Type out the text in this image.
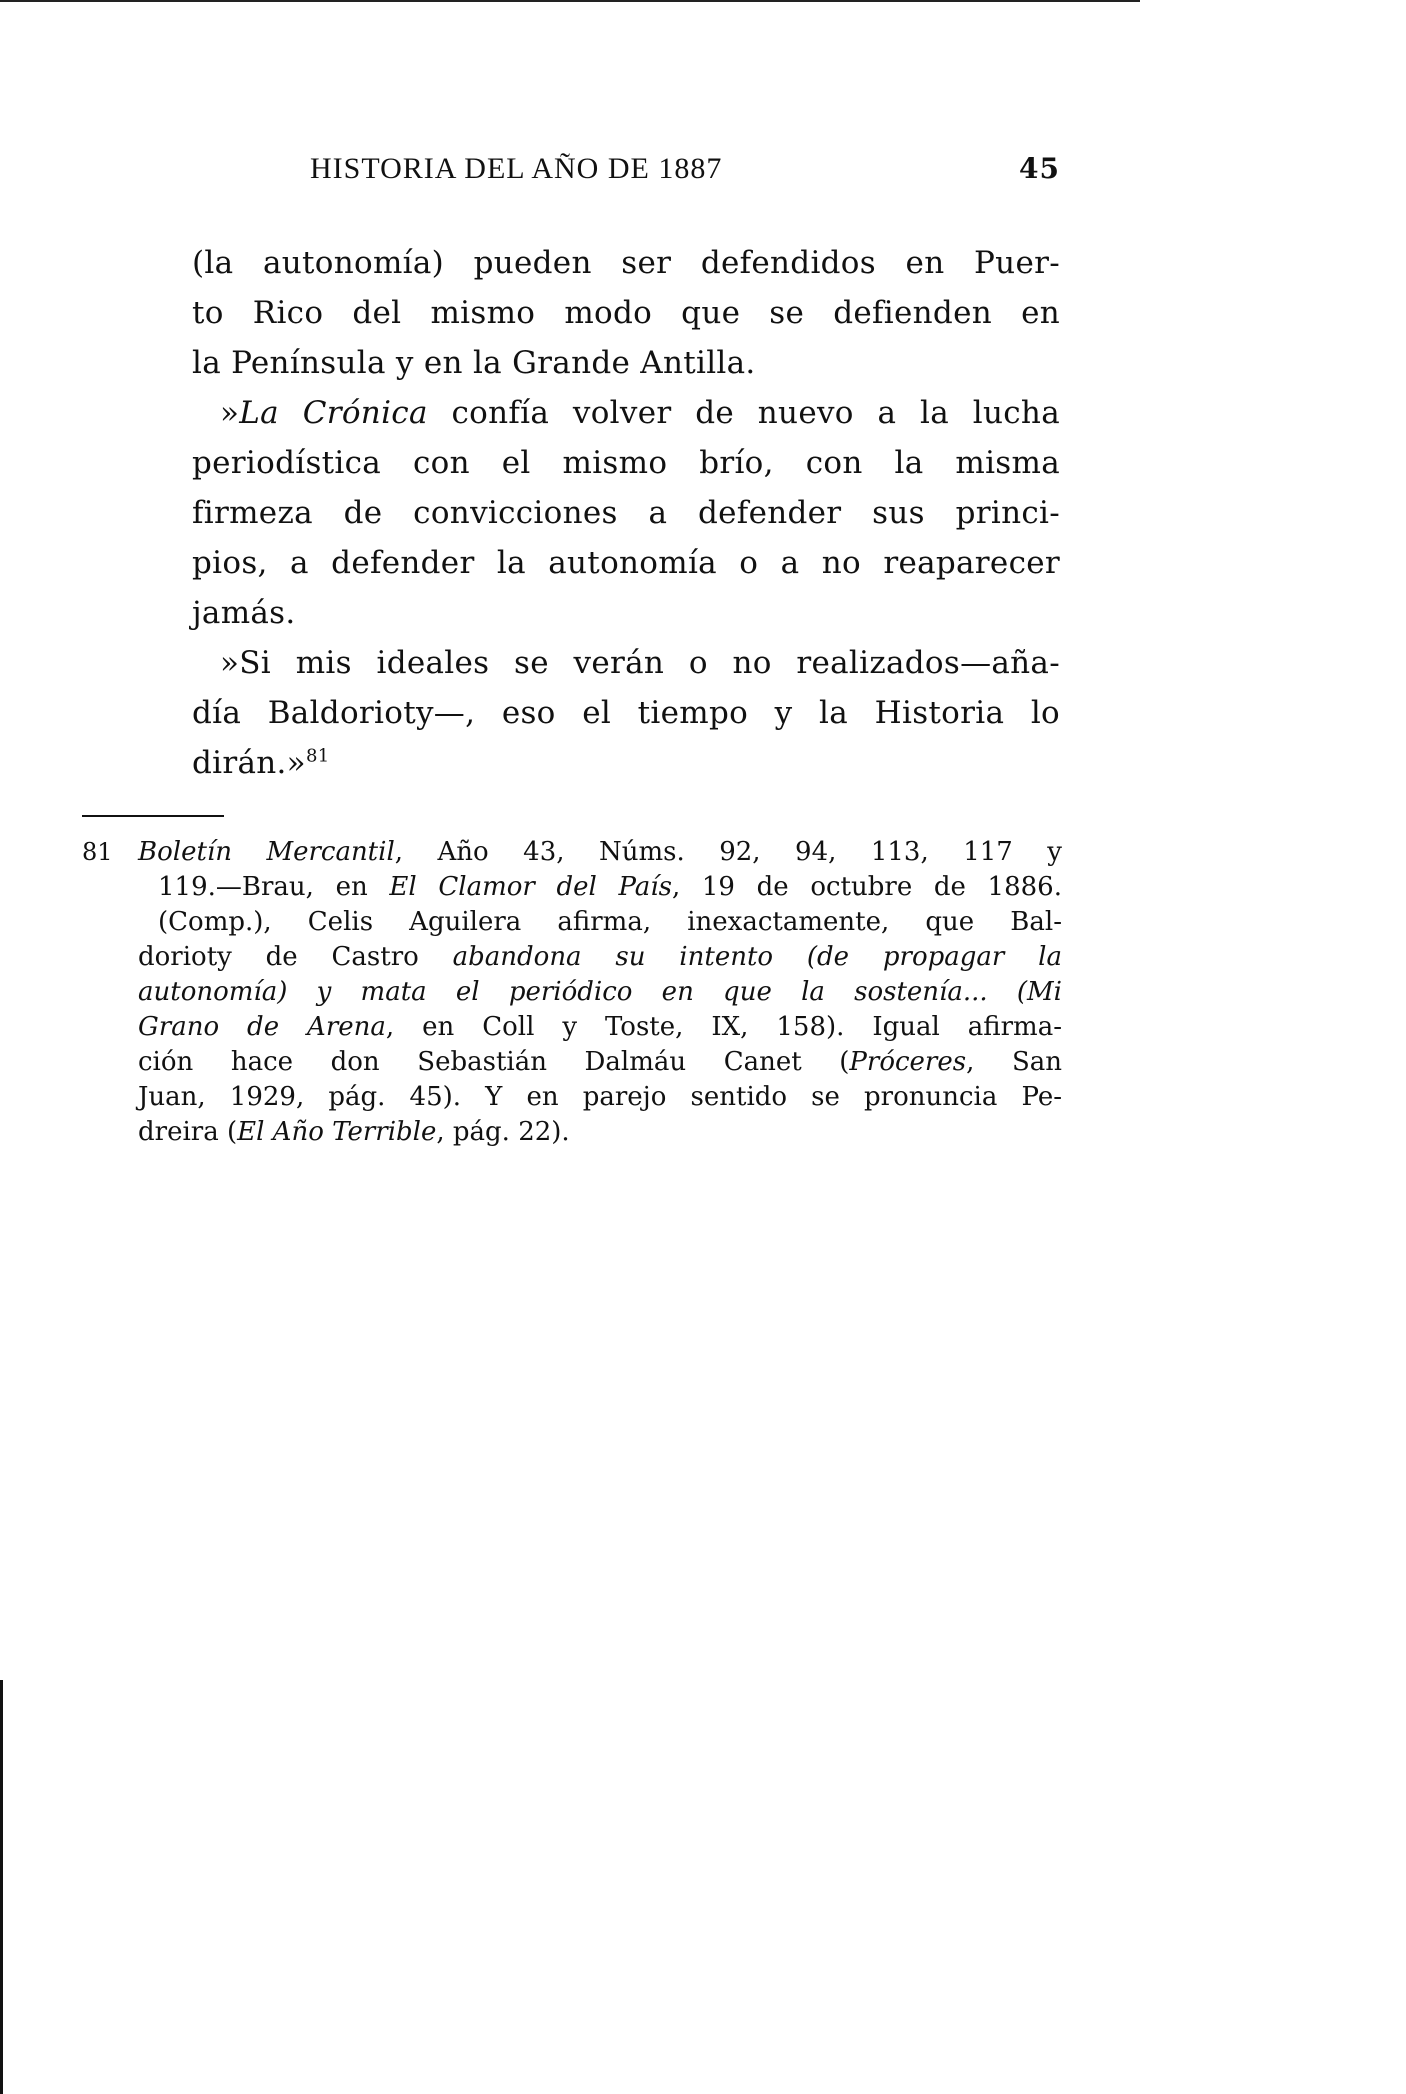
HISTORIA DEL AÑO DE 1887	45
(la autonomía) pueden ser defendidos en Puer-
to Rico del mismo modo que se defienden en
la Península y en la Grande Antilla.
»La Crónica confía volver de nuevo a la lucha
periodística con el mismo brío, con la misma
firmeza de convicciones a defender sus princi-
pios, a defender la autonomía o a no reaparecer
jamás.
»Si mis ideales se verán o no realizados—aña-
día Baldorioty—, eso el tiempo y la Historia lo
dirán.»$^{81}$
81 Boletín Mercantil, Año 43, Núms. 92, 94, 113, 117 y
119.—Brau, en El Clamor del País, 19 de octubre de 1886.
(Comp.), Celis Aguilera afirma, inexactamente, que Bal-
dorioty de Castro abandona su intento (de propagar la
autonomía) y mata el periódico en que la sostenía... (Mi
Grano de Arena, en Coll y Toste, IX, 158). Igual afirma-
ción hace don Sebastián Dalmáu Canet (Próceres, San
Juan, 1929, pág. 45). Y en parejo sentido se pronuncia Pe-
dreira (El Año Terrible, pág. 22).
